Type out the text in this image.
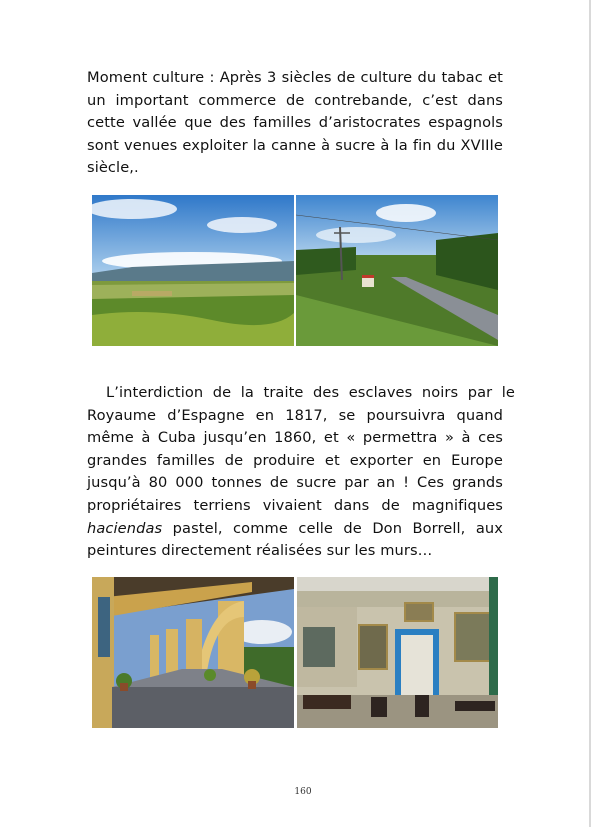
Moment culture : Après 3 siècles de culture du tabac et
un important commerce de contrebande, c’est dans
cette vallée que des familles d’aristocrates espagnols
sont venues exploiter la canne à sucre à la fin du XVIIIe
siècle,.
L’interdiction de la traite des esclaves noirs par le
Royaume d’Espagne en 1817, se poursuivra quand
même à Cuba jusqu’en 1860, et « permettra » à ces
grandes familles de produire et exporter en Europe
jusqu’à 80 000 tonnes de sucre par an ! Ces grands
propriétaires terriens vivaient dans de magnifiques
haciendas pastel, comme celle de Don Borrell, aux
peintures directement réalisées sur les murs…
160
